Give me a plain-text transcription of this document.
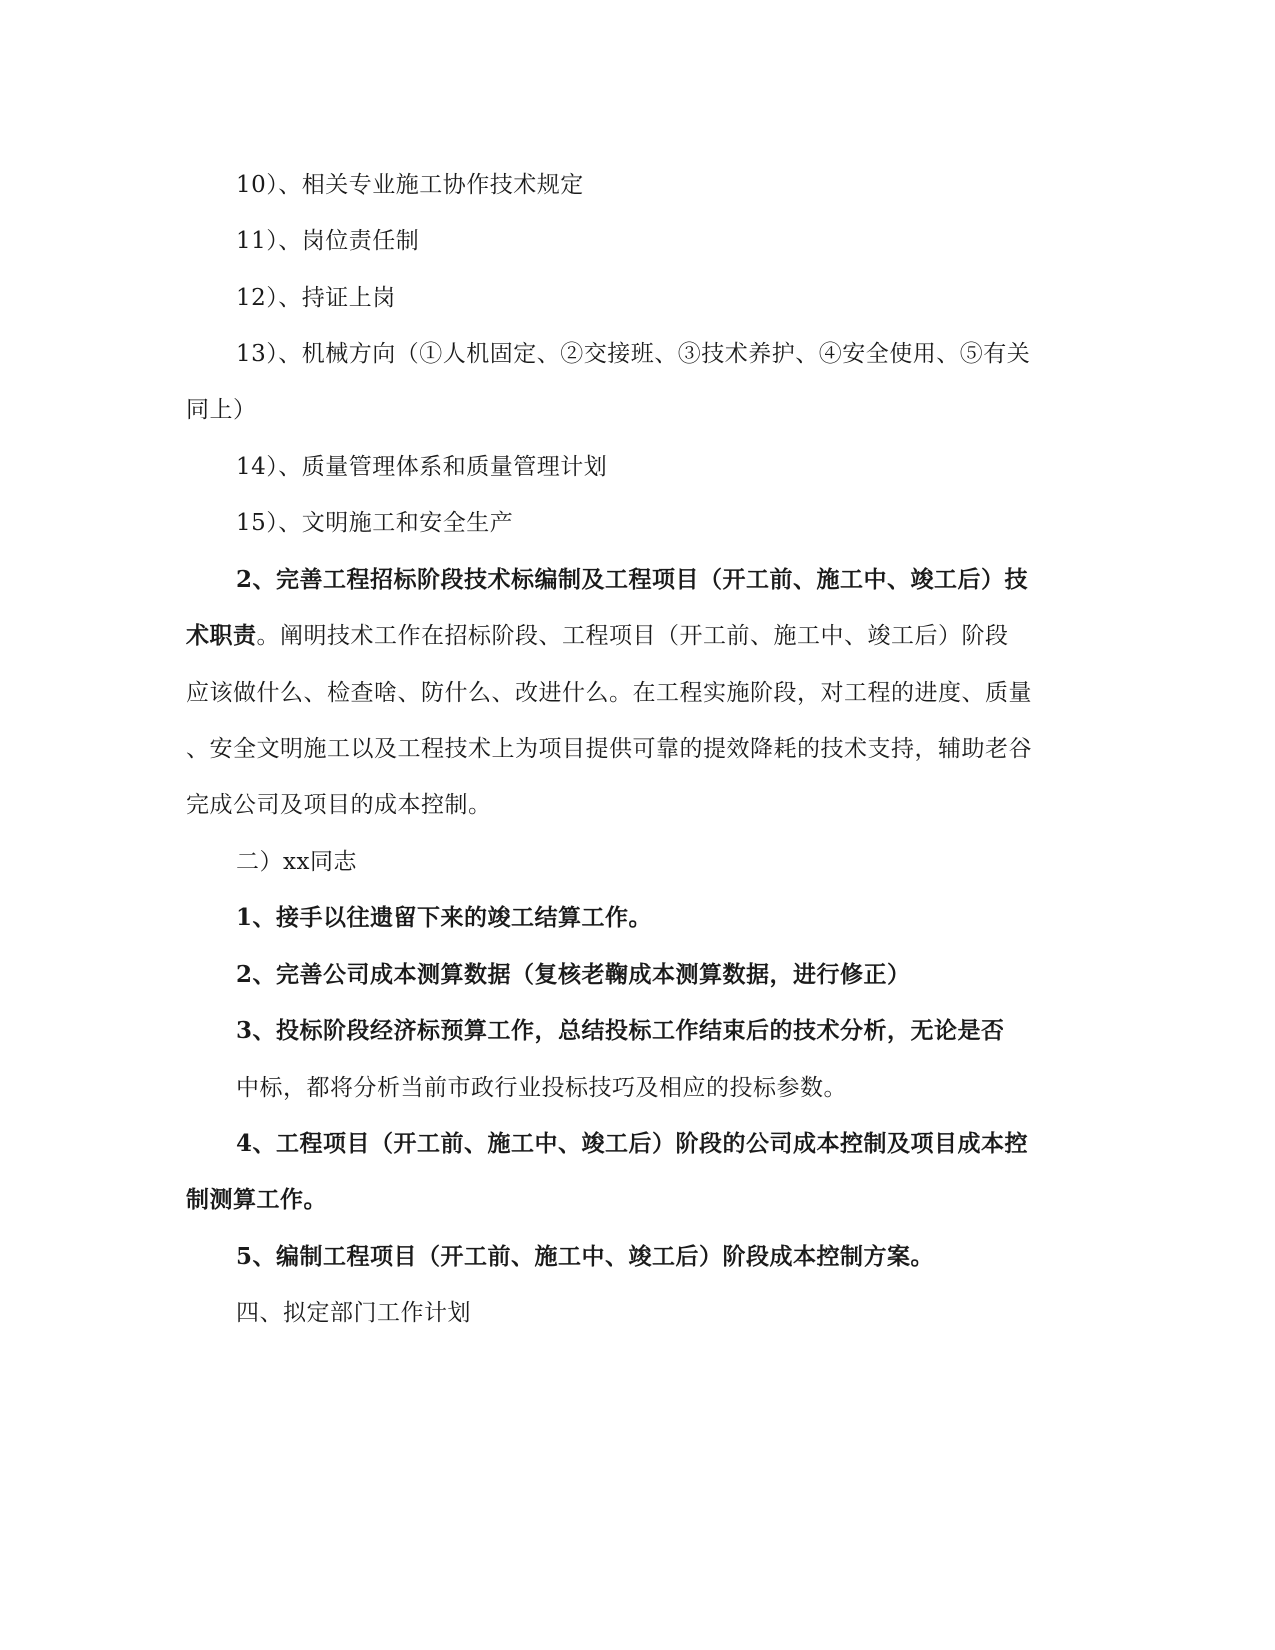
10）、相关专业施工协作技术规定
11）、岗位责任制
12）、持证上岗
13）、机械方向（①人机固定、②交接班、③技术养护、④安全使用、⑤有关
同上）
14）、质量管理体系和质量管理计划
15）、文明施工和安全生产
2、完善工程招标阶段技术标编制及工程项目（开工前、施工中、竣工后）技
术职责。阐明技术工作在招标阶段、工程项目（开工前、施工中、竣工后）阶段
应该做什么、检查啥、防什么、改进什么。在工程实施阶段，对工程的进度、质量
、安全文明施工以及工程技术上为项目提供可靠的提效降耗的技术支持，辅助老谷
完成公司及项目的成本控制。
二）xx同志
1、接手以往遗留下来的竣工结算工作。
2、完善公司成本测算数据（复核老鞠成本测算数据，进行修正）
3、投标阶段经济标预算工作，总结投标工作结束后的技术分析，无论是否
中标，都将分析当前市政行业投标技巧及相应的投标参数。
4、工程项目（开工前、施工中、竣工后）阶段的公司成本控制及项目成本控
制测算工作。
5、编制工程项目（开工前、施工中、竣工后）阶段成本控制方案。
四、拟定部门工作计划
